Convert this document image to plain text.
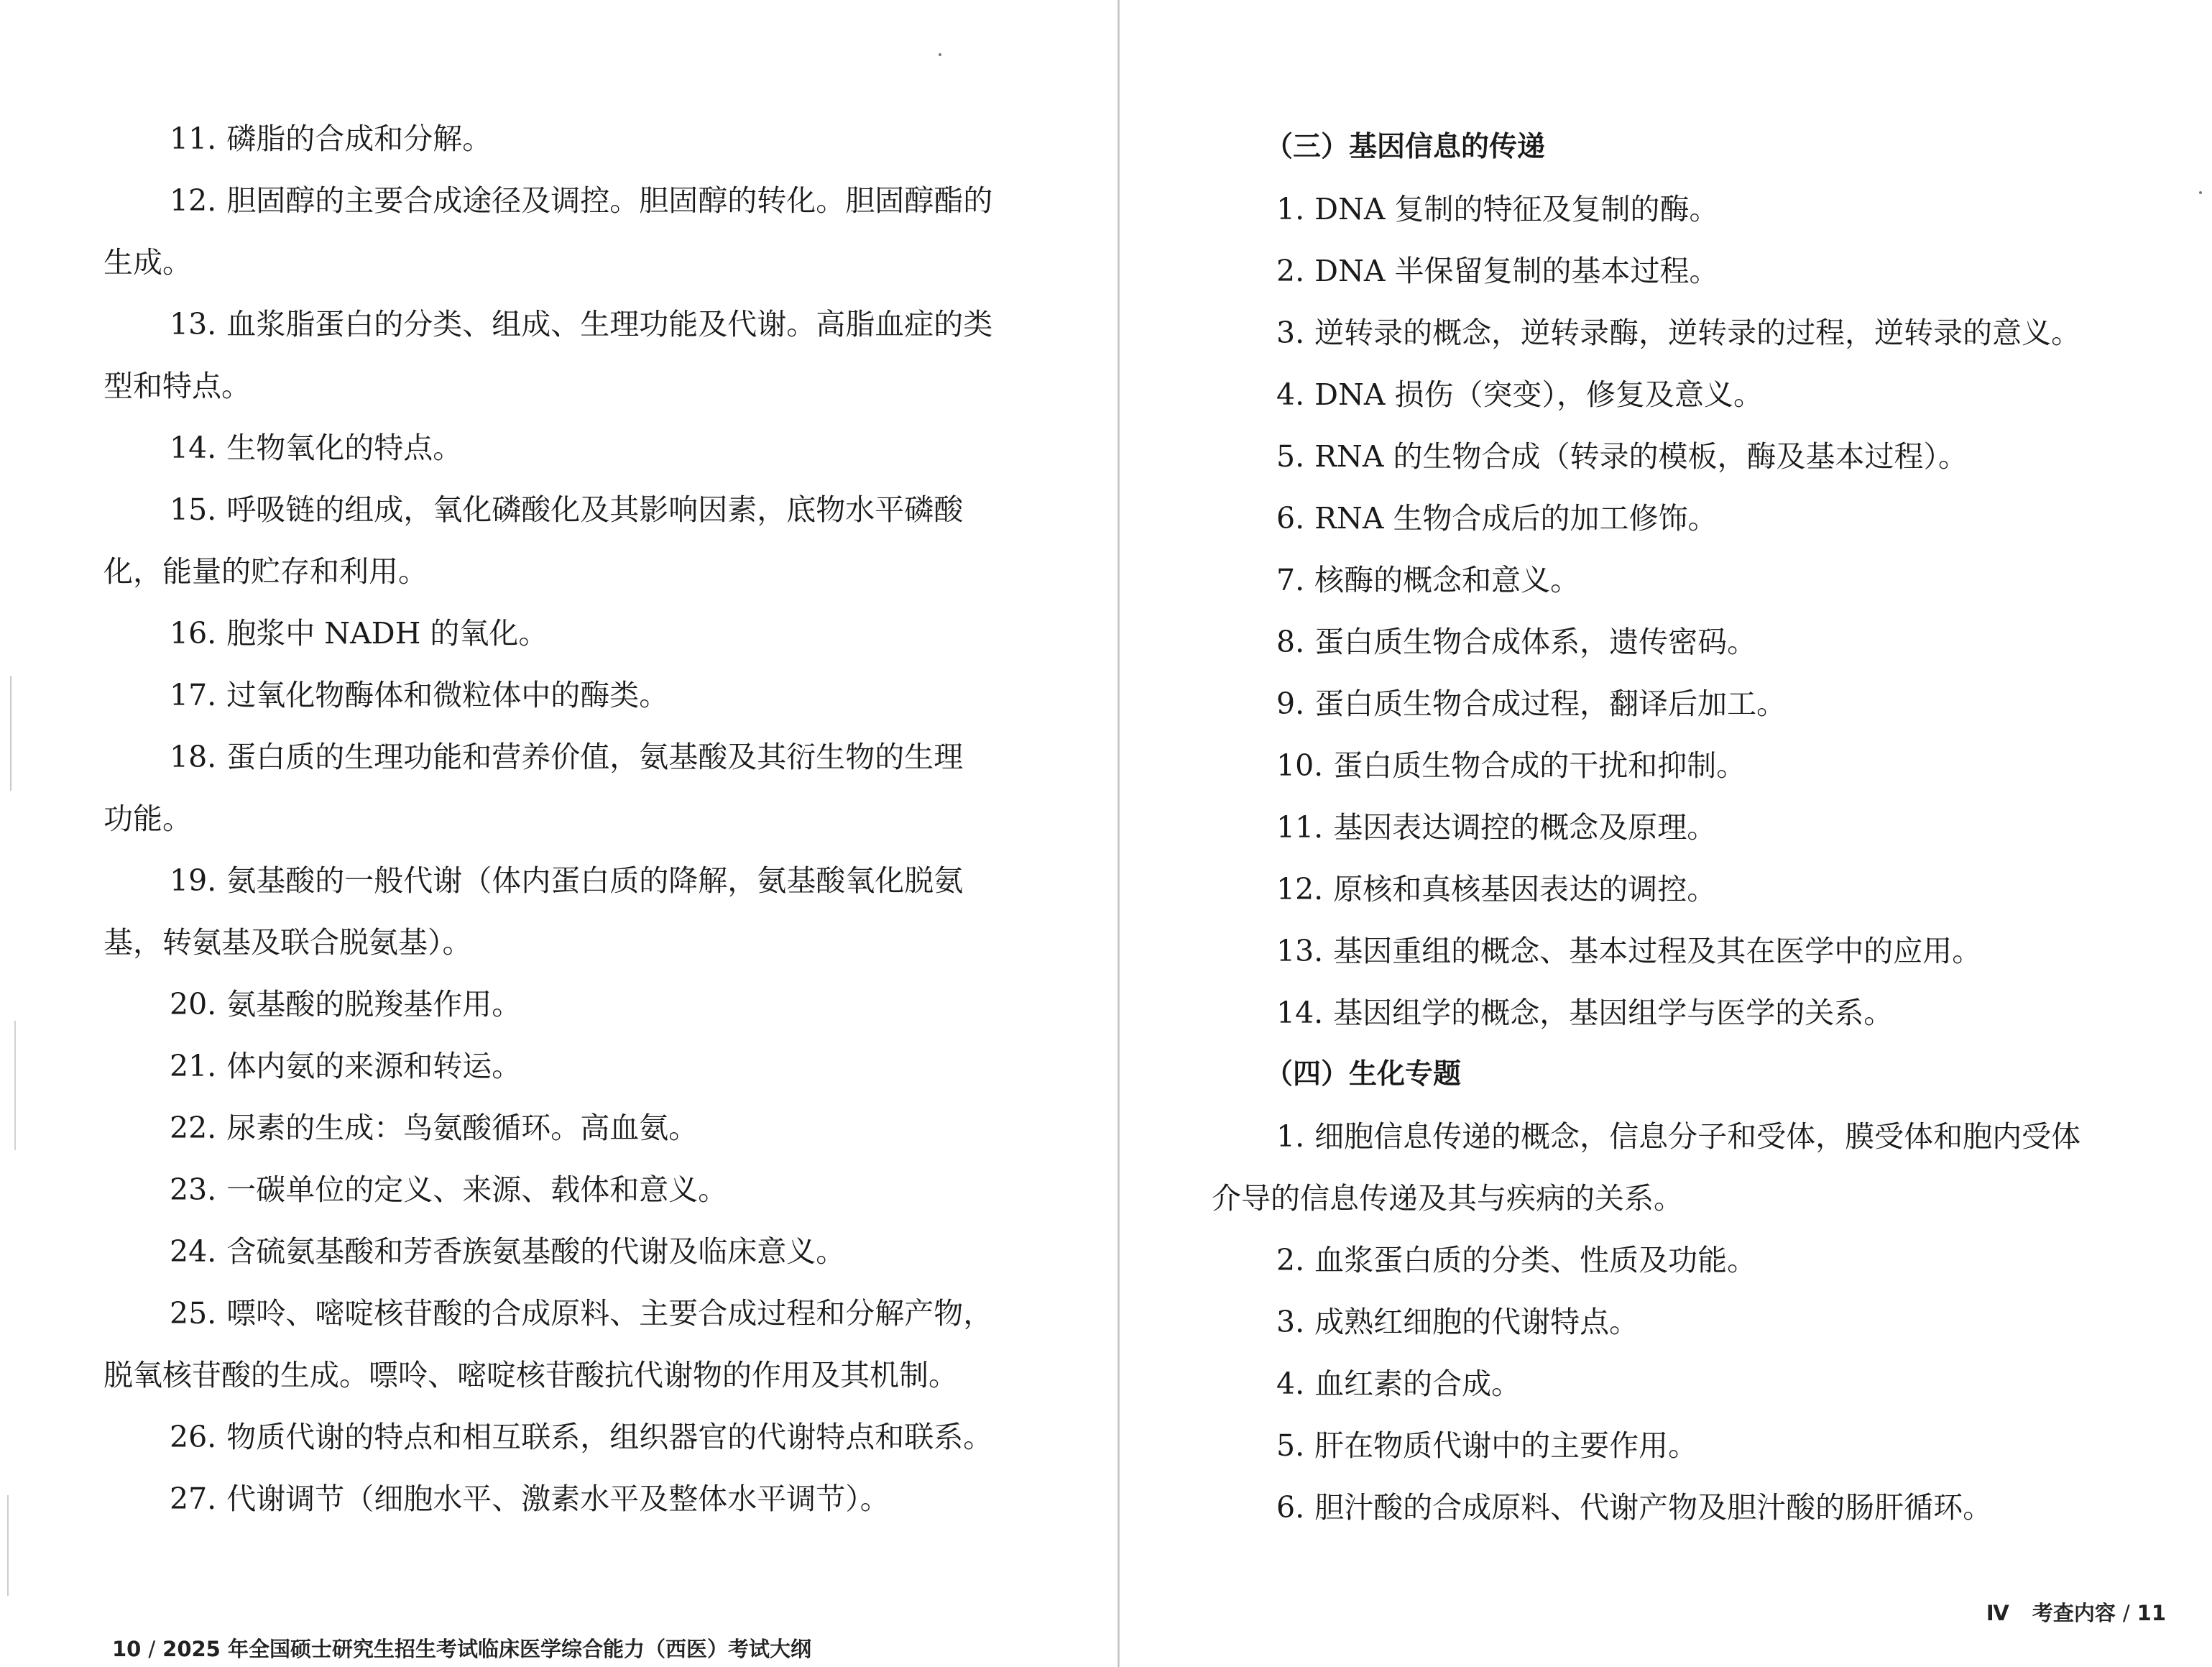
11. 磷脂的合成和分解。
12. 胆固醇的主要合成途径及调控。胆固醇的转化。胆固醇酯的
生成。
13. 血浆脂蛋白的分类、组成、生理功能及代谢。高脂血症的类
型和特点。
14. 生物氧化的特点。
15. 呼吸链的组成，氧化磷酸化及其影响因素，底物水平磷酸
化，能量的贮存和利用。
16. 胞浆中 NADH 的氧化。
17. 过氧化物酶体和微粒体中的酶类。
18. 蛋白质的生理功能和营养价值，氨基酸及其衍生物的生理
功能。
19. 氨基酸的一般代谢（体内蛋白质的降解，氨基酸氧化脱氨
基，转氨基及联合脱氨基）。
20. 氨基酸的脱羧基作用。
21. 体内氨的来源和转运。
22. 尿素的生成：鸟氨酸循环。高血氨。
23. 一碳单位的定义、来源、载体和意义。
24. 含硫氨基酸和芳香族氨基酸的代谢及临床意义。
25. 嘌呤、嘧啶核苷酸的合成原料、主要合成过程和分解产物，
脱氧核苷酸的生成。嘌呤、嘧啶核苷酸抗代谢物的作用及其机制。
26. 物质代谢的特点和相互联系，组织器官的代谢特点和联系。
27. 代谢调节（细胞水平、激素水平及整体水平调节）。
10 / 2025 年全国硕士研究生招生考试临床医学综合能力（西医）考试大纲
（三）基因信息的传递
1. DNA 复制的特征及复制的酶。
2. DNA 半保留复制的基本过程。
3. 逆转录的概念，逆转录酶，逆转录的过程，逆转录的意义。
4. DNA 损伤（突变），修复及意义。
5. RNA 的生物合成（转录的模板，酶及基本过程）。
6. RNA 生物合成后的加工修饰。
7. 核酶的概念和意义。
8. 蛋白质生物合成体系，遗传密码。
9. 蛋白质生物合成过程，翻译后加工。
10. 蛋白质生物合成的干扰和抑制。
11. 基因表达调控的概念及原理。
12. 原核和真核基因表达的调控。
13. 基因重组的概念、基本过程及其在医学中的应用。
14. 基因组学的概念，基因组学与医学的关系。
（四）生化专题
1. 细胞信息传递的概念，信息分子和受体，膜受体和胞内受体
介导的信息传递及其与疾病的关系。
2. 血浆蛋白质的分类、性质及功能。
3. 成熟红细胞的代谢特点。
4. 血红素的合成。
5. 肝在物质代谢中的主要作用。
6. 胆汁酸的合成原料、代谢产物及胆汁酸的肠肝循环。
Ⅳ 考查内容 / 11
